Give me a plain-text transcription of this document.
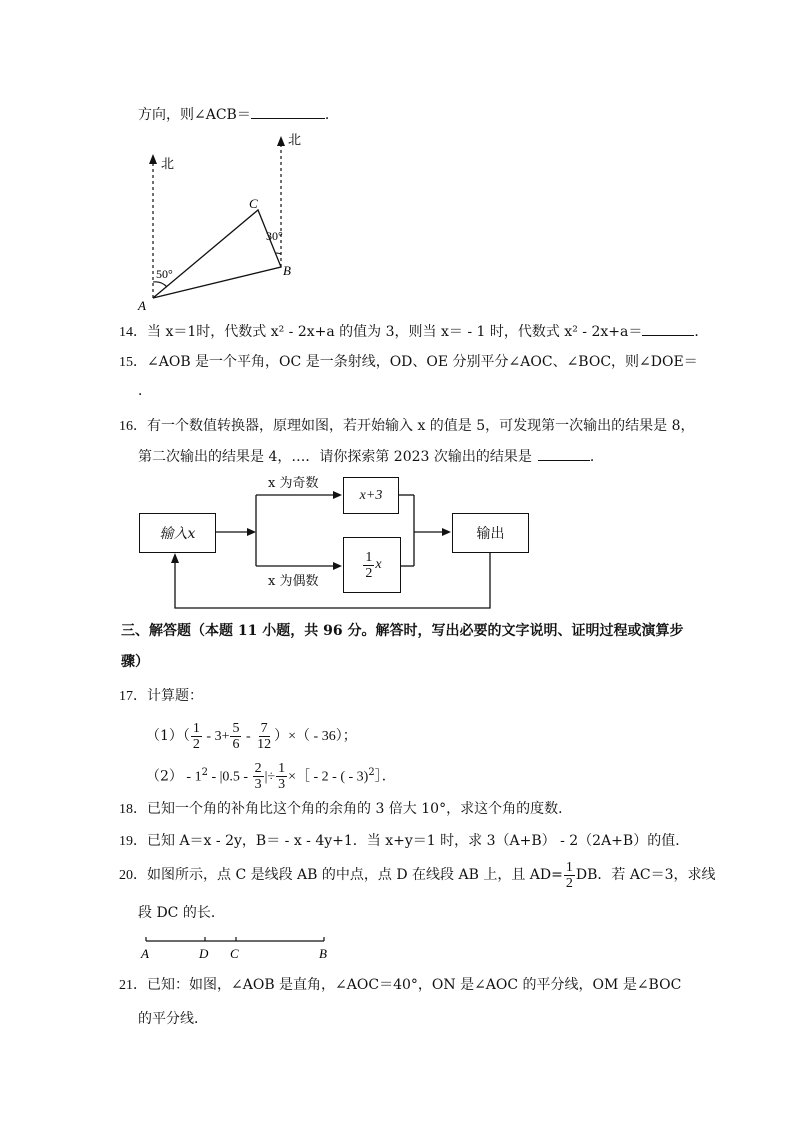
方向，则∠ACB＝	．
北
北
50°
30°
A
B
C
14．当 x＝1时，代数式 x² - 2x+a 的值为 3，则当 x＝ - 1 时，代数式 x² - 2x+a＝	．
15．∠AOB 是一个平角，OC 是一条射线，OD、OE 分别平分∠AOC、∠BOC，则∠DOE＝
．
16．有一个数值转换器，原理如图，若开始输入 x 的值是 5，可发现第一次输出的结果是 8，
第二次输出的结果是 4，…．请你探索第 2023 次输出的结果是	．
输入x
x 为奇数
x 为偶数
x+3
$\frac{1}{2}$ x
输出
三、解答题（本题 11 小题，共 96 分。解答时，写出必要的文字说明、证明过程或演算步
骤）
17．计算题：
$(1)( \frac{1}{2} - 3+ \frac{5}{6} - \frac{7}{12}$ ）×（ - 36）；
$(2) - 1^2 - |0.5 - \frac{2}{3}$ |÷ $\frac{1}{3}$ ×［ - 2 - ( - 3)$^2$］．
18．已知一个角的补角比这个角的余角的 3 倍大 10°，求这个角的度数．
19．已知 A＝x - 2y，B＝ - x - 4y+1．当 x+y＝1 时，求 3（A+B） - 2（2A+B）的值．
20．如图所示，点 C 是线段 AB 的中点，点 D 在线段 AB 上，且 $AD= \frac{1}{2}$ DB．若 AC＝3，求线
段 DC 的长．
A	D C	B
21．已知：如图，∠AOB 是直角，∠AOC＝40°，ON 是∠AOC 的平分线，OM 是∠BOC
的平分线．
